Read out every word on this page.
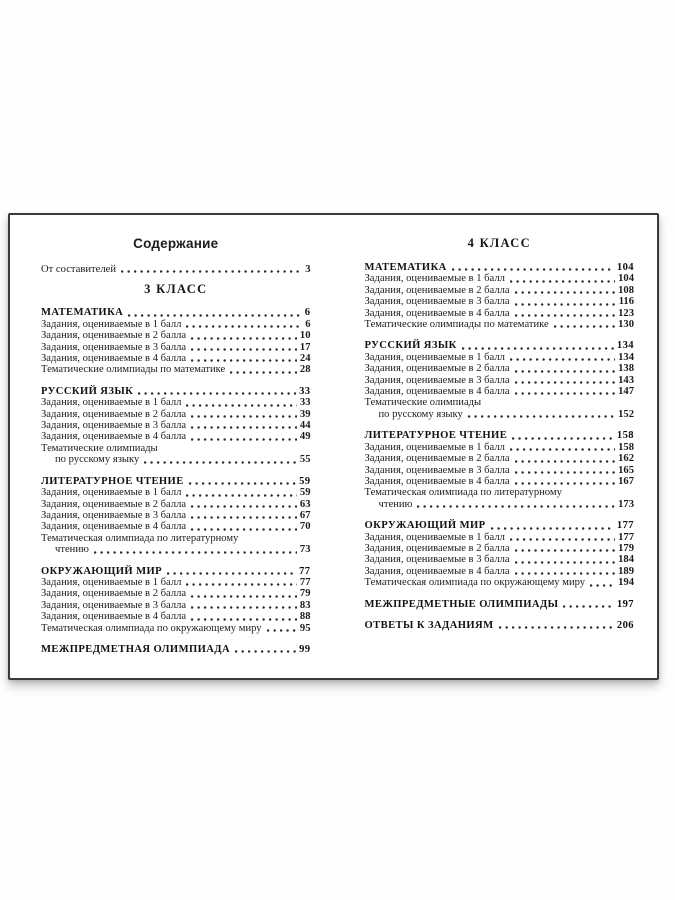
Содержание
От составителей	3
3 КЛАСС
МАТЕМАТИКА	6
Задания, оцениваемые в 1 балл	6
Задания, оцениваемые в 2 балла	10
Задания, оцениваемые в 3 балла	17
Задания, оцениваемые в 4 балла	24
Тематические олимпиады по математике	28
РУССКИЙ ЯЗЫК	33
Задания, оцениваемые в 1 балл	33
Задания, оцениваемые в 2 балла	39
Задания, оцениваемые в 3 балла	44
Задания, оцениваемые в 4 балла	49
Тематические олимпиады
по русскому языку	55
ЛИТЕРАТУРНОЕ ЧТЕНИЕ	59
Задания, оцениваемые в 1 балл	59
Задания, оцениваемые в 2 балла	63
Задания, оцениваемые в 3 балла	67
Задания, оцениваемые в 4 балла	70
Тематическая олимпиада по литературному
чтению	73
ОКРУЖАЮЩИЙ МИР	77
Задания, оцениваемые в 1 балл	77
Задания, оцениваемые в 2 балла	79
Задания, оцениваемые в 3 балла	83
Задания, оцениваемые в 4 балла	88
Тематическая олимпиада по окружающему миру	95
МЕЖПРЕДМЕТНАЯ ОЛИМПИАДА	99
4 КЛАСС
МАТЕМАТИКА	104
Задания, оцениваемые в 1 балл	104
Задания, оцениваемые в 2 балла	108
Задания, оцениваемые в 3 балла	116
Задания, оцениваемые в 4 балла	123
Тематические олимпиады по математике	130
РУССКИЙ ЯЗЫК	134
Задания, оцениваемые в 1 балл	134
Задания, оцениваемые в 2 балла	138
Задания, оцениваемые в 3 балла	143
Задания, оцениваемые в 4 балла	147
Тематические олимпиады
по русскому языку	152
ЛИТЕРАТУРНОЕ ЧТЕНИЕ	158
Задания, оцениваемые в 1 балл	158
Задания, оцениваемые в 2 балла	162
Задания, оцениваемые в 3 балла	165
Задания, оцениваемые в 4 балла	167
Тематическая олимпиада по литературному
чтению	173
ОКРУЖАЮЩИЙ МИР	177
Задания, оцениваемые в 1 балл	177
Задания, оцениваемые в 2 балла	179
Задания, оцениваемые в 3 балла	184
Задания, оцениваемые в 4 балла	189
Тематическая олимпиада по окружающему миру	194
МЕЖПРЕДМЕТНЫЕ ОЛИМПИАДЫ	197
ОТВЕТЫ К ЗАДАНИЯМ	206
